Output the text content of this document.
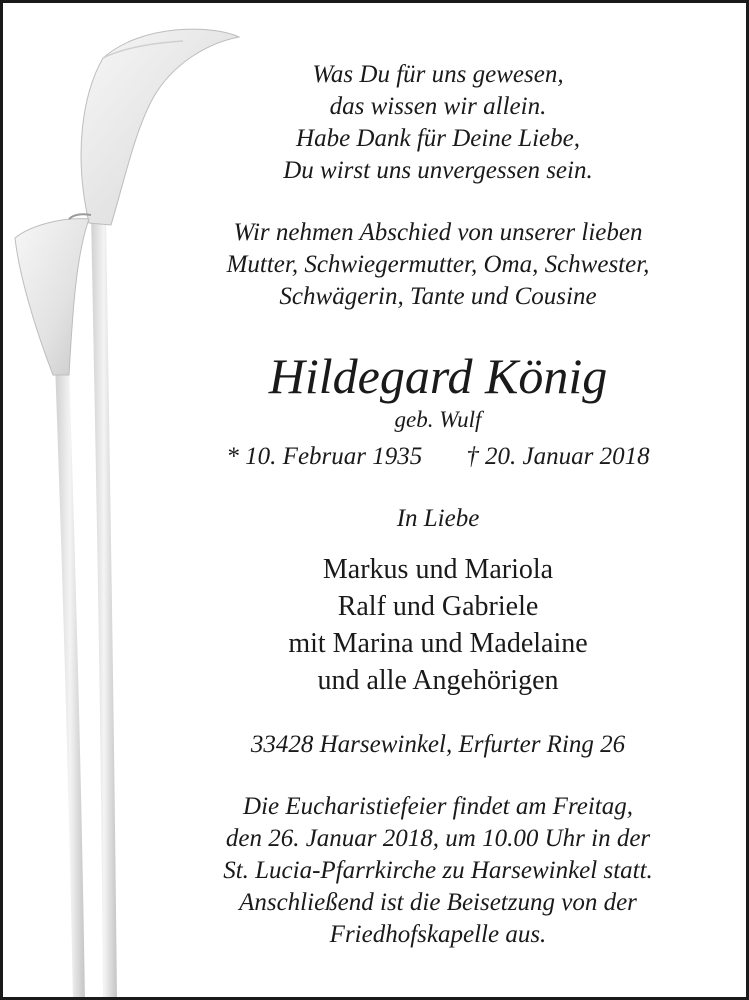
Was Du für uns gewesen,
das wissen wir allein.
Habe Dank für Deine Liebe,
Du wirst uns unvergessen sein.
Wir nehmen Abschied von unserer lieben
Mutter, Schwiegermutter, Oma, Schwester,
Schwägerin, Tante und Cousine
Hildegard König
geb. Wulf
* 10. Februar 1935 † 20. Januar 2018
In Liebe
Markus und Mariola
Ralf und Gabriele
mit Marina und Madelaine
und alle Angehörigen
33428 Harsewinkel, Erfurter Ring 26
Die Eucharistiefeier findet am Freitag,
den 26. Januar 2018, um 10.00 Uhr in der
St. Lucia-Pfarrkirche zu Harsewinkel statt.
Anschließend ist die Beisetzung von der
Friedhofskapelle aus.
